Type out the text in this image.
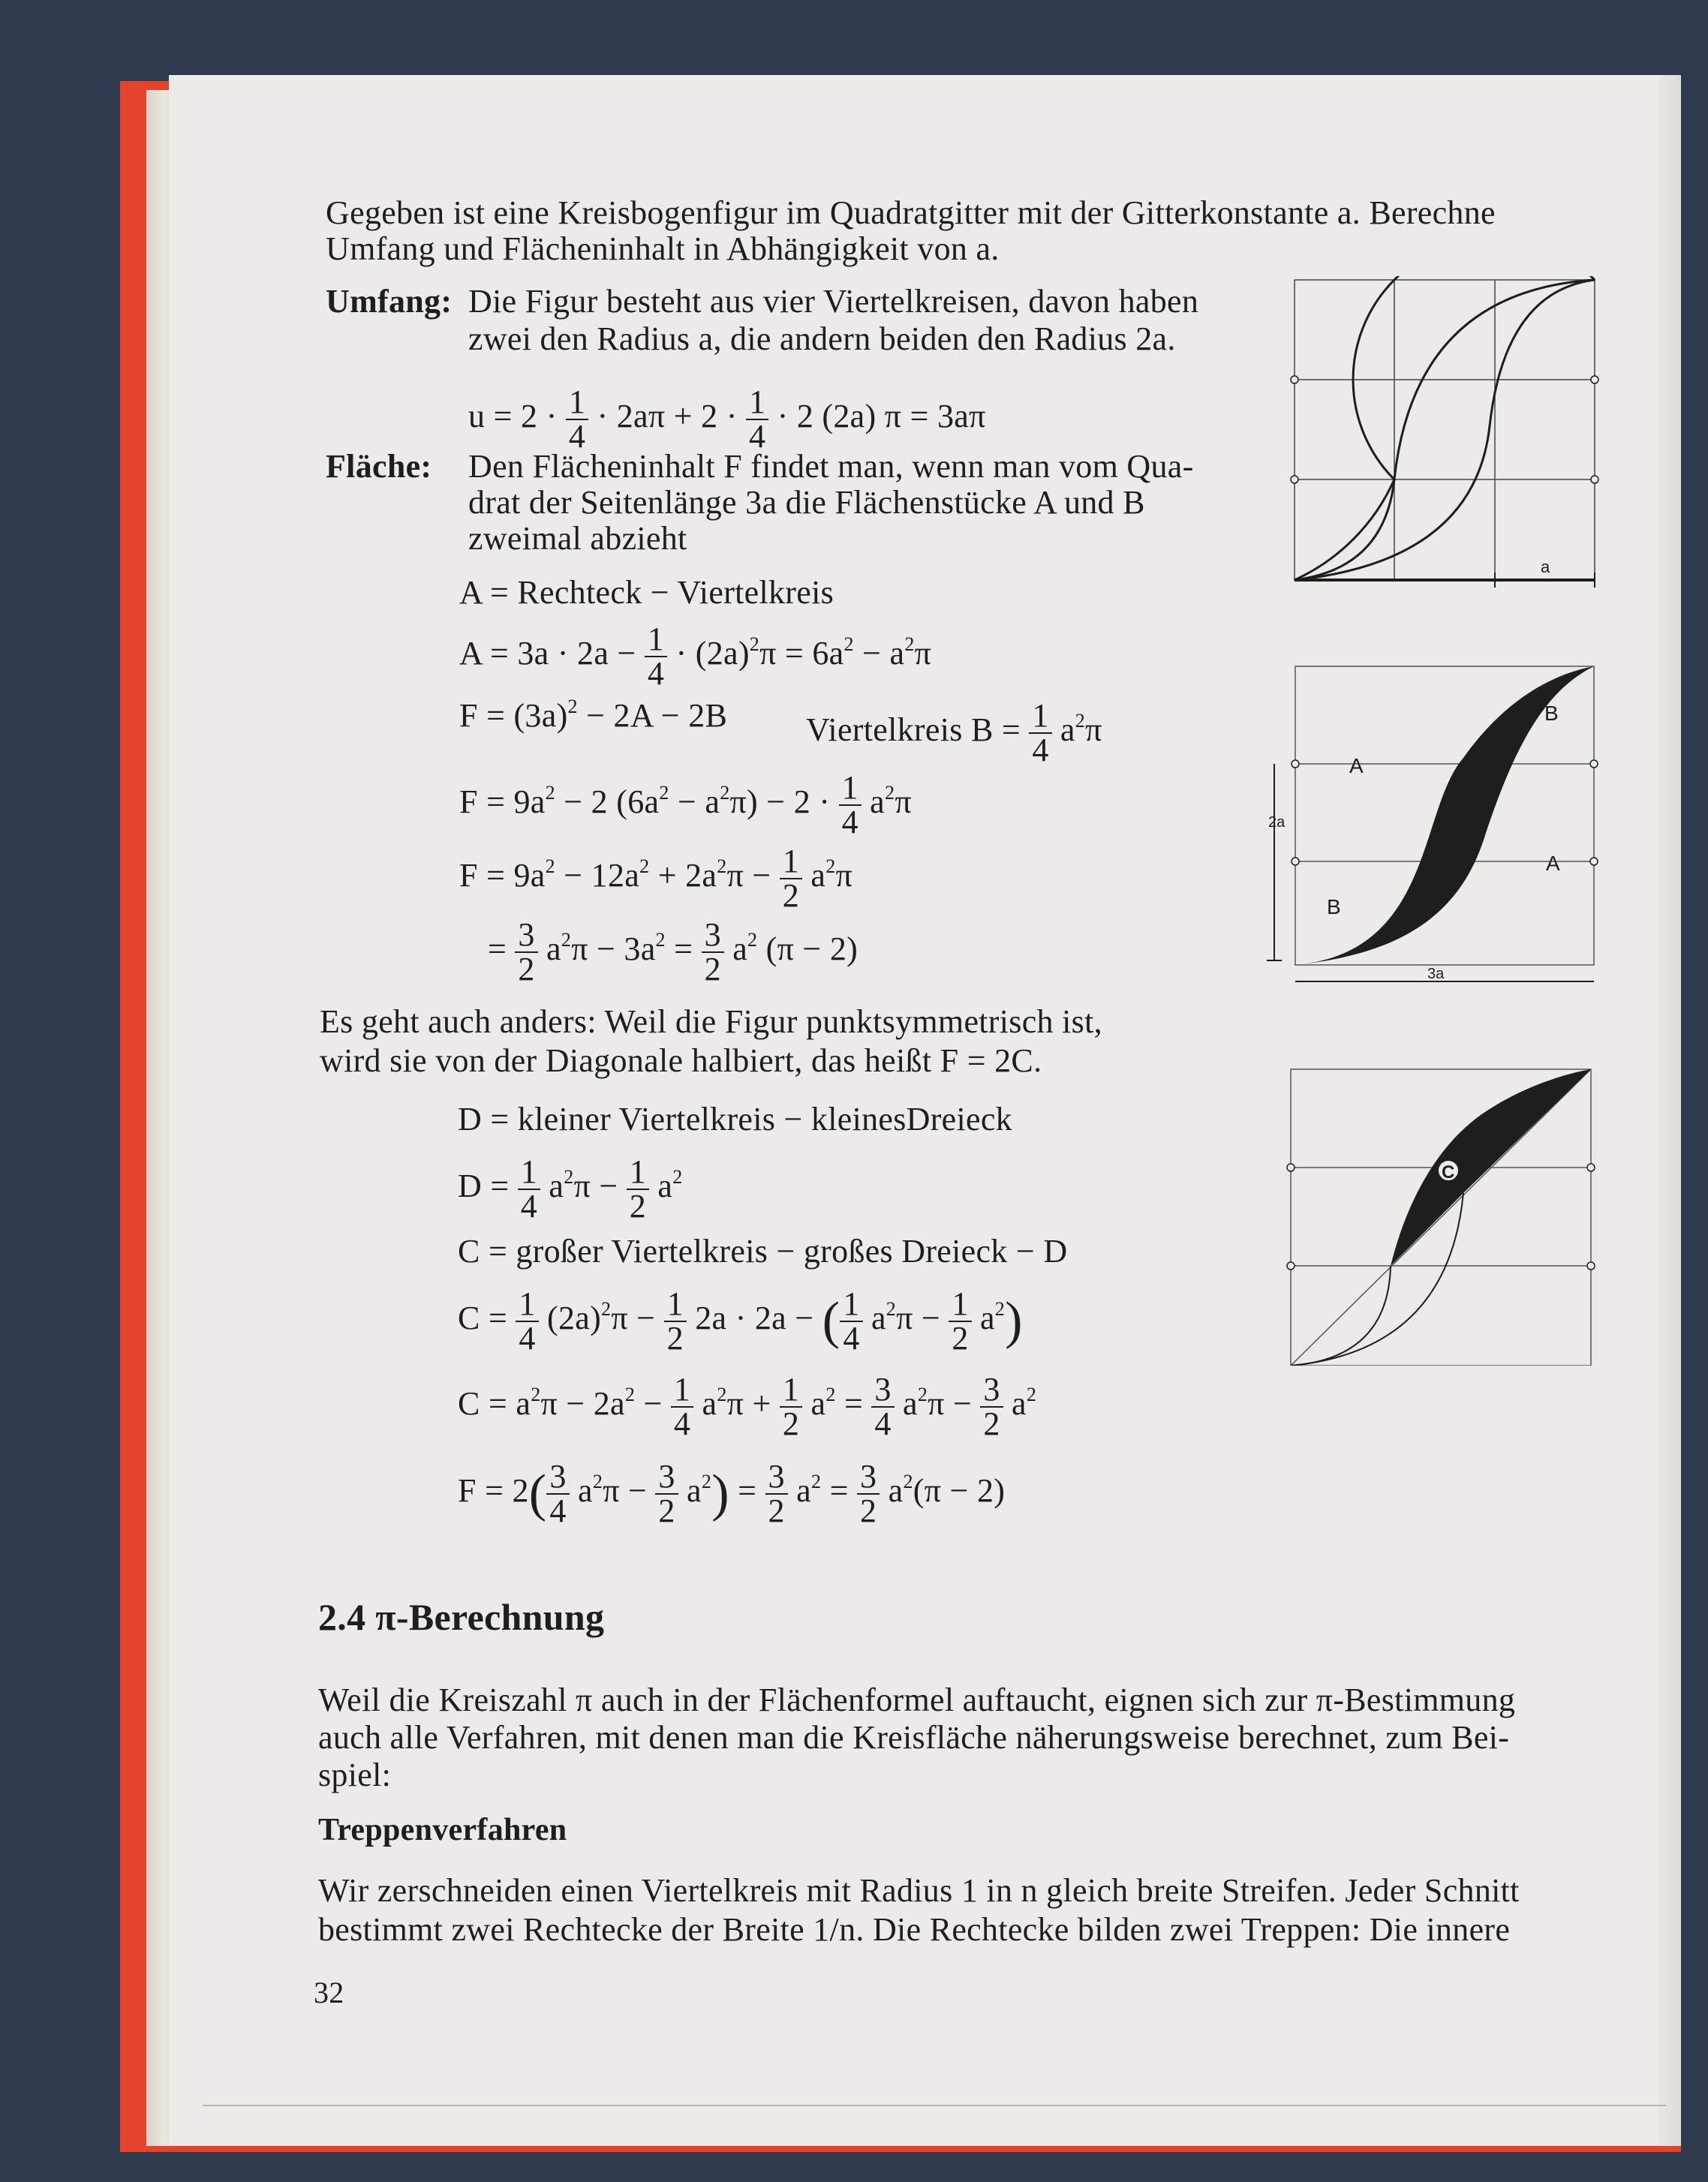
Gegeben ist eine Kreisbogenfigur im Quadratgitter mit der Gitterkonstante a. Berechne
Umfang und Flächeninhalt in Abhängigkeit von a.
Umfang: Die Figur besteht aus vier Viertelkreisen, davon haben
zwei den Radius a, die andern beiden den Radius 2a.
$u = 2 \cdot \frac{1}{4} \cdot 2a\pi + 2 \cdot \frac{1}{4} \cdot 2$ (2a) π = 3aπ
Fläche: Den Flächeninhalt F findet man, wenn man vom Qua-
drat der Seitenlänge 3a die Flächenstücke A und B
zweimal abzieht
A = Rechteck − Viertelkreis
$A = 3a \cdot 2a - \frac{1}{4} \cdot (2a)^2\pi = 6a^2 - a^2\pi$
$F = (3a)^2 - 2A - 2B$ Viertelkreis $B = \frac{1}{4} a^2\pi$
$F = 9a^2 - 2$ $(6a^2 - a^2\pi) - 2 \cdot \frac{1}{4} a^2\pi$
$F = 9a^2 - 12a^2 + 2a^2\pi - \frac{1}{2} a^2\pi$
= $\frac{3}{2} a^2\pi - 3a^2 = \frac{3}{2} a^2$ (π − 2)
Es geht auch anders: Weil die Figur punktsymmetrisch ist,
wird sie von der Diagonale halbiert, das heißt F = 2C.
D = kleiner Viertelkreis − kleinesDreieck
$D = \frac{1}{4} a^2\pi - \frac{1}{2} a^2$
C = großer Viertelkreis − großes Dreieck − D
$C = \frac{1}{4} (2a)^2\pi - \frac{1}{2} 2a \cdot 2a$ − ( $\frac{1}{4} a^2\pi - \frac{1}{2} a^2$)
$C = a^2\pi - 2a^2 - \frac{1}{4} a^2\pi + \frac{1}{2} a^2 = \frac{3}{4} a^2\pi - \frac{3}{2} a^2$
$F = 2( \frac{3}{4} a^2\pi - \frac{3}{2} a^2) = \frac{3}{2} a^2 = \frac{3}{2} a^2(\pi - 2)$
2.4 π-Berechnung
Weil die Kreiszahl π auch in der Flächenformel auftaucht, eignen sich zur π-Bestimmung
auch alle Verfahren, mit denen man die Kreisfläche näherungsweise berechnet, zum Bei-
spiel:
Treppenverfahren
Wir zerschneiden einen Viertelkreis mit Radius 1 in n gleich breite Streifen. Jeder Schnitt
bestimmt zwei Rechtecke der Breite 1/n. Die Rechtecke bilden zwei Treppen: Die innere
32
a
A
A
B
B
2a
3a
C
D
